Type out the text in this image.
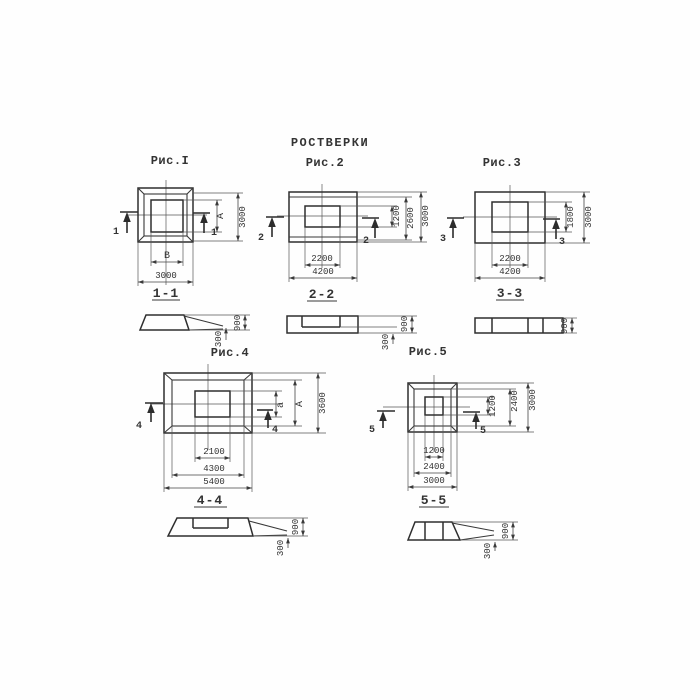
РОСТВЕРКИ
Рис.I
А 3000
В
3000
1	1
Рис.2
1200 2600 3000
2200
4200
2	2
Рис.3
1800 3000
2200
4200
3	3
1-1
900
300
2-2
900
300
3-3
900
Рис.4
а А 3600
2100
4300
5400
4	4
Рис.5
1200 2400 3000
1200
2400
3000
5	5
4-4
900
300
5-5
900
300
